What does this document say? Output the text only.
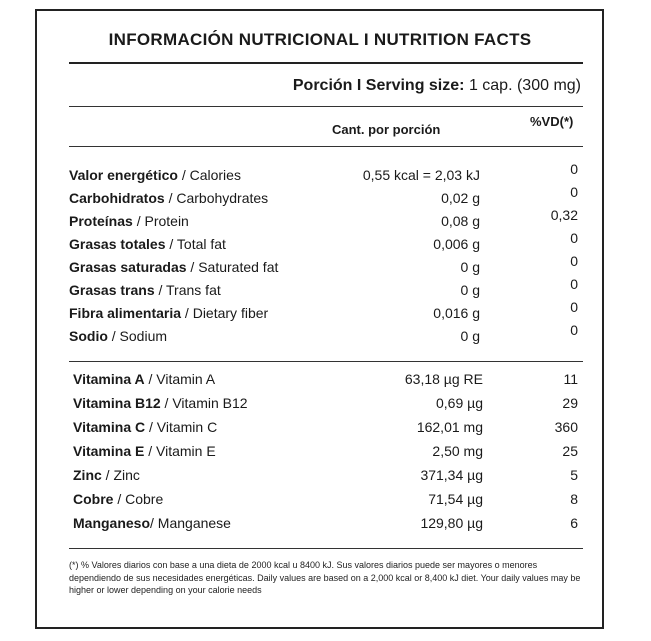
INFORMACIÓN NUTRICIONAL I NUTRITION FACTS
Porción I Serving size: 1 cap. (300 mg)
Cant. por porción
%VD(*)
Valor energético / Calories	0,55 kcal = 2,03 kJ	0
Carbohidratos / Carbohydrates	0,02 g	0
Proteínas / Protein	0,08 g	0,32
Grasas totales / Total fat	0,006 g	0
Grasas saturadas / Saturated fat	0 g	0
Grasas trans / Trans fat	0 g	0
Fibra alimentaria / Dietary fiber	0,016 g	0
Sodio / Sodium	0 g	0
Vitamina A / Vitamin A	63,18 µg RE	11
Vitamina B12 / Vitamin B12	0,69 µg	29
Vitamina C / Vitamin C	162,01 mg	360
Vitamina E / Vitamin E	2,50 mg	25
Zinc / Zinc	371,34 µg	5
Cobre / Cobre	71,54 µg	8
Manganeso/ Manganese	129,80 µg	6
(*) % Valores diarios con base a una dieta de 2000 kcal u 8400 kJ. Sus valores diarios puede ser mayores o menores dependiendo de sus necesidades energéticas. Daily values are based on a 2,000 kcal or 8,400 kJ diet. Your daily values may be higher or lower depending on your calorie needs
